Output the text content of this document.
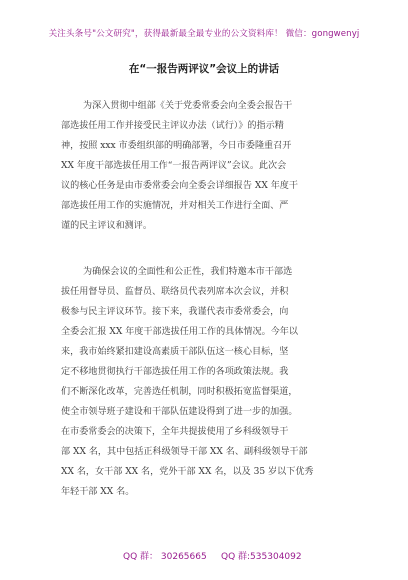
关注头条号"公文研究"，获得最新最全最专业的公文资料库！ 微信：gongwenyj
在“一报告两评议”会议上的讲话
为深入贯彻中组部《关于党委常委会向全委会报告干
部选拔任用工作并接受民主评议办法（试行）》的指示精
神，按照 xxx 市委组织部的明确部署，今日市委隆重召开
XX 年度干部选拔任用工作“一报告两评议”会议。此次会
议的核心任务是由市委常委会向全委会详细报告 XX 年度干
部选拔任用工作的实施情况，并对相关工作进行全面、严
谨的民主评议和测评。
为确保会议的全面性和公正性，我们特邀本市干部选
拔任用督导员、监督员、联络员代表列席本次会议，并积
极参与民主评议环节。接下来，我谨代表市委常委会，向
全委会汇报 XX 年度干部选拔任用工作的具体情况。今年以
来，我市始终紧扣建设高素质干部队伍这一核心目标，坚
定不移地贯彻执行干部选拔任用工作的各项政策法规。我
们不断深化改革，完善选任机制，同时积极拓宽监督渠道，
使全市领导班子建设和干部队伍建设得到了进一步的加强。
在市委常委会的决策下，全年共提拔使用了乡科级领导干
部 XX 名，其中包括正科级领导干部 XX 名、副科级领导干部
XX 名，女干部 XX 名，党外干部 XX 名，以及 35 岁以下优秀
年轻干部 XX 名。
QQ 群： 30265665 QQ 群:535304092
